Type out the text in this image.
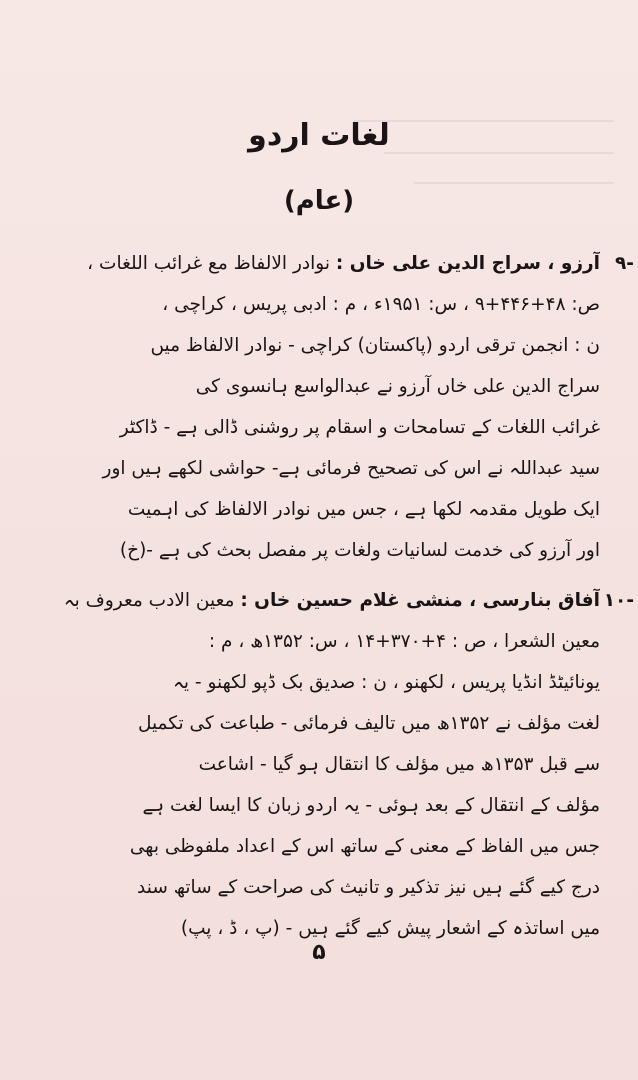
لغات اردو
(عام)
۹-
آرزو ، سراج الدین علی خاں : نوادر الالفاظ مع غرائب اللغات ،
ص: ۴۸+۴۴۶+۹ ، س: ۱۹۵۱ء ، م : ادبی پریس ، کراچی ،
ن : انجمن ترقی اردو (پاکستان) کراچی - نوادر الالفاظ میں
سراج الدین علی خاں آرزو نے عبدالواسع ہانسوی کی
غرائب اللغات کے تسامحات و اسقام پر روشنی ڈالی ہے - ڈاکٹر
سید عبداللہ نے اس کی تصحیح فرمائی ہے- حواشی لکھے ہیں اور
ایک طویل مقدمہ لکھا ہے ، جس میں نوادر الالفاظ کی اہمیت
اور آرزو کی خدمت لسانیات ولغات پر مفصل بحث کی ہے -(خ)
۱۰-
آفاق بنارسی ، منشی غلام حسین خاں : معین الادب معروف بہ
معین الشعرا ، ص : ۴+۳۷۰+۱۴ ، س: ۱۳۵۲ھ ، م :
یونائیٹڈ انڈیا پریس ، لکھنو ، ن : صدیق بک ڈپو لکھنو - یہ
لغت مؤلف نے ۱۳۵۲ھ میں تالیف فرمائی - طباعت کی تکمیل
سے قبل ۱۳۵۳ھ میں مؤلف کا انتقال ہو گیا - اشاعت
مؤلف کے انتقال کے بعد ہوئی - یہ اردو زبان کا ایسا لغت ہے
جس میں الفاظ کے معنی کے ساتھ اس کے اعداد ملفوظی بھی
درج کیے گئے ہیں نیز تذکیر و تانیث کی صراحت کے ساتھ سند
میں اساتذہ کے اشعار پیش کیے گئے ہیں - (پ ، ڈ ، پپ)
۵
